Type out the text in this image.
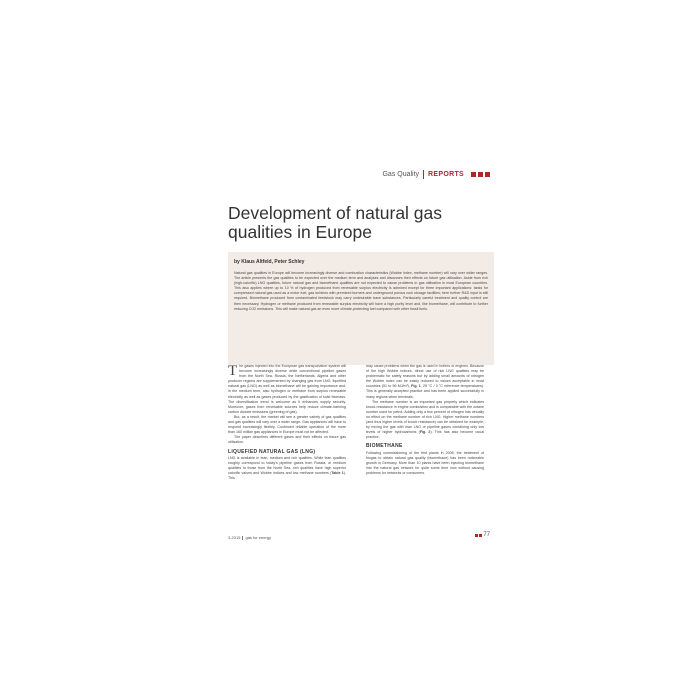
Gas Quality REPORTS
Development of natural gas
qualities in Europe
by Klaus Altfeld, Peter Schley

Natural gas qualities in Europe will become increasingly diverse and combustion characteristics (Wobbe index, methane number) will vary over wider ranges. The article presents the gas qualities to be expected over the medium term and analyses and discusses their effects on future gas utilisation. Aside from rich (high-calorific) LNG qualities, future natural gas and biomethane qualities are not expected to cause problems in gas utilisation in most European countries. This also applies where up to 10 % of hydrogen produced from renewable surplus electricity is admixed except for three important applications: tanks for compressed natural gas used as a motor fuel, gas turbines with premixed burners and underground porous rock storage facilities; here further R&D input is still required. Biomethane produced from contaminated feedstock may carry undesirable trace substances. Particularly careful treatment and quality control are then necessary. Hydrogen or methane produced from renewable surplus electricity will have a high purity level and, like biomethane, will contribute to further reducing CO2 emissions. This will make natural gas an even more climate-protecting fuel compared with other fossil fuels.

The gases injected into the European gas transportation system will become increasingly diverse while conventional pipeline gases from the North Sea, Russia, the Netherlands, Algeria and other producer regions are supplemented by changing gas from LNG, liquefied natural gas (LNG) as well as biomethane will be gaining importance and, in the medium term, also hydrogen or methane from surplus renewable electricity as well as gases produced by the gasification of solid biomass. The diversification trend is welcome as it enhances supply security. Moreover, gases from renewable sources help reduce climate-harming carbon dioxide emissions (greening of gas).

But, as a result, the market will see a greater variety of gas qualities and gas qualities will vary over a wider range. Gas appliances will have to respond increasingly flexibly. Continued reliable operation of the more than 160 million gas appliances in Europe must not be affected.

The paper describes different gases and their effects on future gas utilisation.

LIQUEFIED NATURAL GAS (LNG)

LNG is available in lean, medium and rich qualities. While lean qualities roughly correspond to today's pipeline gases from Russia, or medium qualities to those from the North Sea, rich qualities have high superior calorific values and Wobbe indices and low methane numbers (Table 1). This

may cause problems when the gas is used in boilers or engines. Because of the high Wobbe indices, direct use of rich LNG qualities may be problematic for safety reasons but by adding small amounts of nitrogen the Wobbe index can be easily reduced to values acceptable in most countries (51 to 56 MJ/m³), Fig. 1, 25 °C / 0 °C reference temperatures). This is generally accepted practice and has been applied successfully in many regions when terminals.

The methane number is an important gas property which indicates knock resistance in engine combustion and is comparable with the octane number used for petrol. Adding only a few percent of nitrogen has virtually no effect on the methane number of rich LNG. Higher methane numbers (and thus higher levels of knock resistance) can be obtained for example, by mixing the gas with lean LNG or pipeline gases containing only low levels of higher hydrocarbons (Fig. 2). This has also become usual practice.

BIOMETHANE

Following commissioning of the first plants in 2006, the treatment of biogas to obtain natural gas quality (biomethane) has been noticeable growth in Germany. More than 10 plants have been injecting biomethane into the natural gas network for quite some time now without causing problems for networks or consumers.

3-2015 gas for energy	77
